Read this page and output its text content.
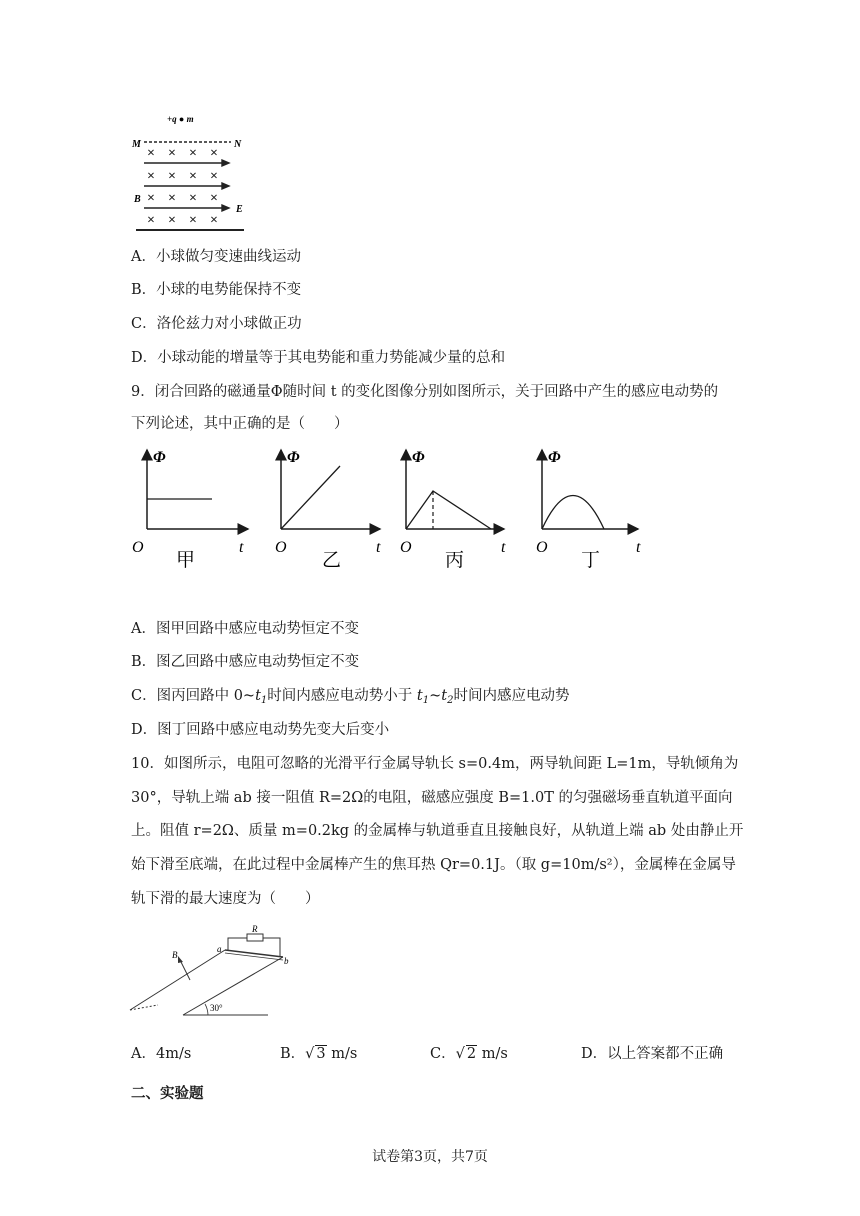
+q ● m
M	N
× × × ×
× × × ×
× × × ×
× × × ×
B
E
A．小球做匀变速曲线运动
B．小球的电势能保持不变
C．洛伦兹力对小球做正功
D．小球动能的增量等于其电势能和重力势能减少量的总和
9．闭合回路的磁通量Φ随时间 t 的变化图像分别如图所示，关于回路中产生的感应电动势的
下列论述，其中正确的是（　　）
Φ
O	t
甲
Φ
O	t
乙
Φ
O	t
丙
Φ
O	t
丁
A．图甲回路中感应电动势恒定不变
B．图乙回路中感应电动势恒定不变
C．图丙回路中 $0\sim t_1$时间内感应电动势小于 $t_1\sim t_2$时间内感应电动势
D．图丁回路中感应电动势先变大后变小
10．如图所示，电阻可忽略的光滑平行金属导轨长 s=0.4m，两导轨间距 L=1m，导轨倾角为
30°，导轨上端 ab 接一阻值 R=2Ω的电阻，磁感应强度 B=1.0T 的匀强磁场垂直轨道平面向
上。阻值 r=2Ω、质量 m=0.2kg 的金属棒与轨道垂直且接触良好，从轨道上端 ab 处由静止开
始下滑至底端，在此过程中金属棒产生的焦耳热 Qr=0.1J。（取 g=10m/s²），金属棒在金属导
轨下滑的最大速度为（　　）
30°
R
a
b
B
A．4m/s	B．√ 3 m/s	C．√ 2 m/s	D．以上答案都不正确
二、实验题
试卷第3页，共7页
